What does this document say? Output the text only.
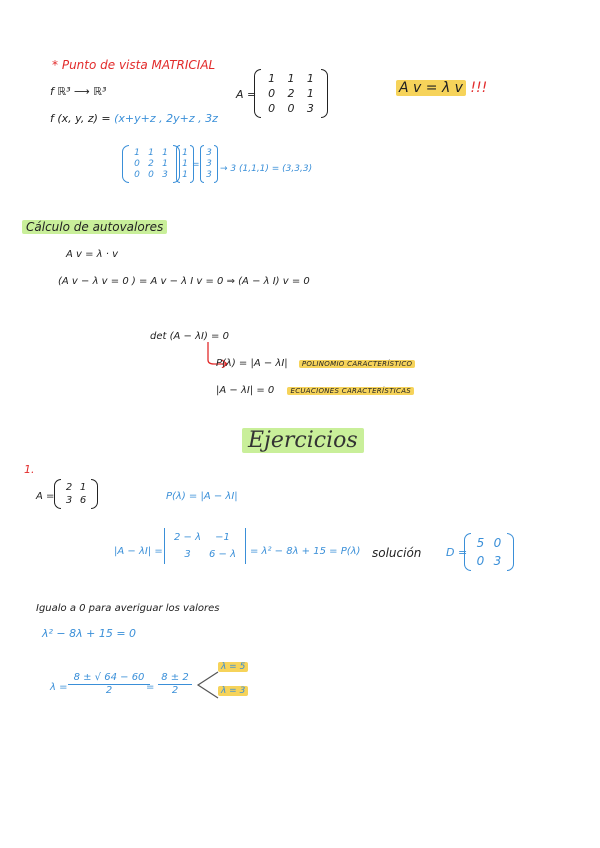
* Punto de vista MATRICIAL
f ℝ³ ⟶ ℝ³
f (x, y, z) = (x+y+z , 2y+z , 3z
A =
1	1	1
0	2	1
0	0	3
A v = λ v !!!
1 1 1
0 2 1
0 0 3
1
1
1
=
3
3
3
→ 3 (1,1,1) = (3,3,3)
Cálculo de autovalores
A v = λ · v
(A v − λ v = 0 ) = A v − λ I v = 0 ⇒ (A − λ I) v = 0
det (A − λI) = 0
P(λ) = |A − λI| POLINOMIO CARACTERÍSTICO
|A − λI| = 0 ECUACIONES CARACTERÍSTICAS
Ejercicios
1.
A =
2 1
3 6	P(λ) = |A − λI|
|A − λI| =
2 − λ	−1
3	6 − λ	= λ² − 8λ + 15 = P(λ) solución D =
5 0
0 3
Igualo a 0 para averiguar los valores
λ² − 8λ + 15 = 0
$\lambda = \frac{8 \pm √ 64 - 60}{2}$
= $\frac{8 \pm 2}{2}$
λ = 5
λ = 3
